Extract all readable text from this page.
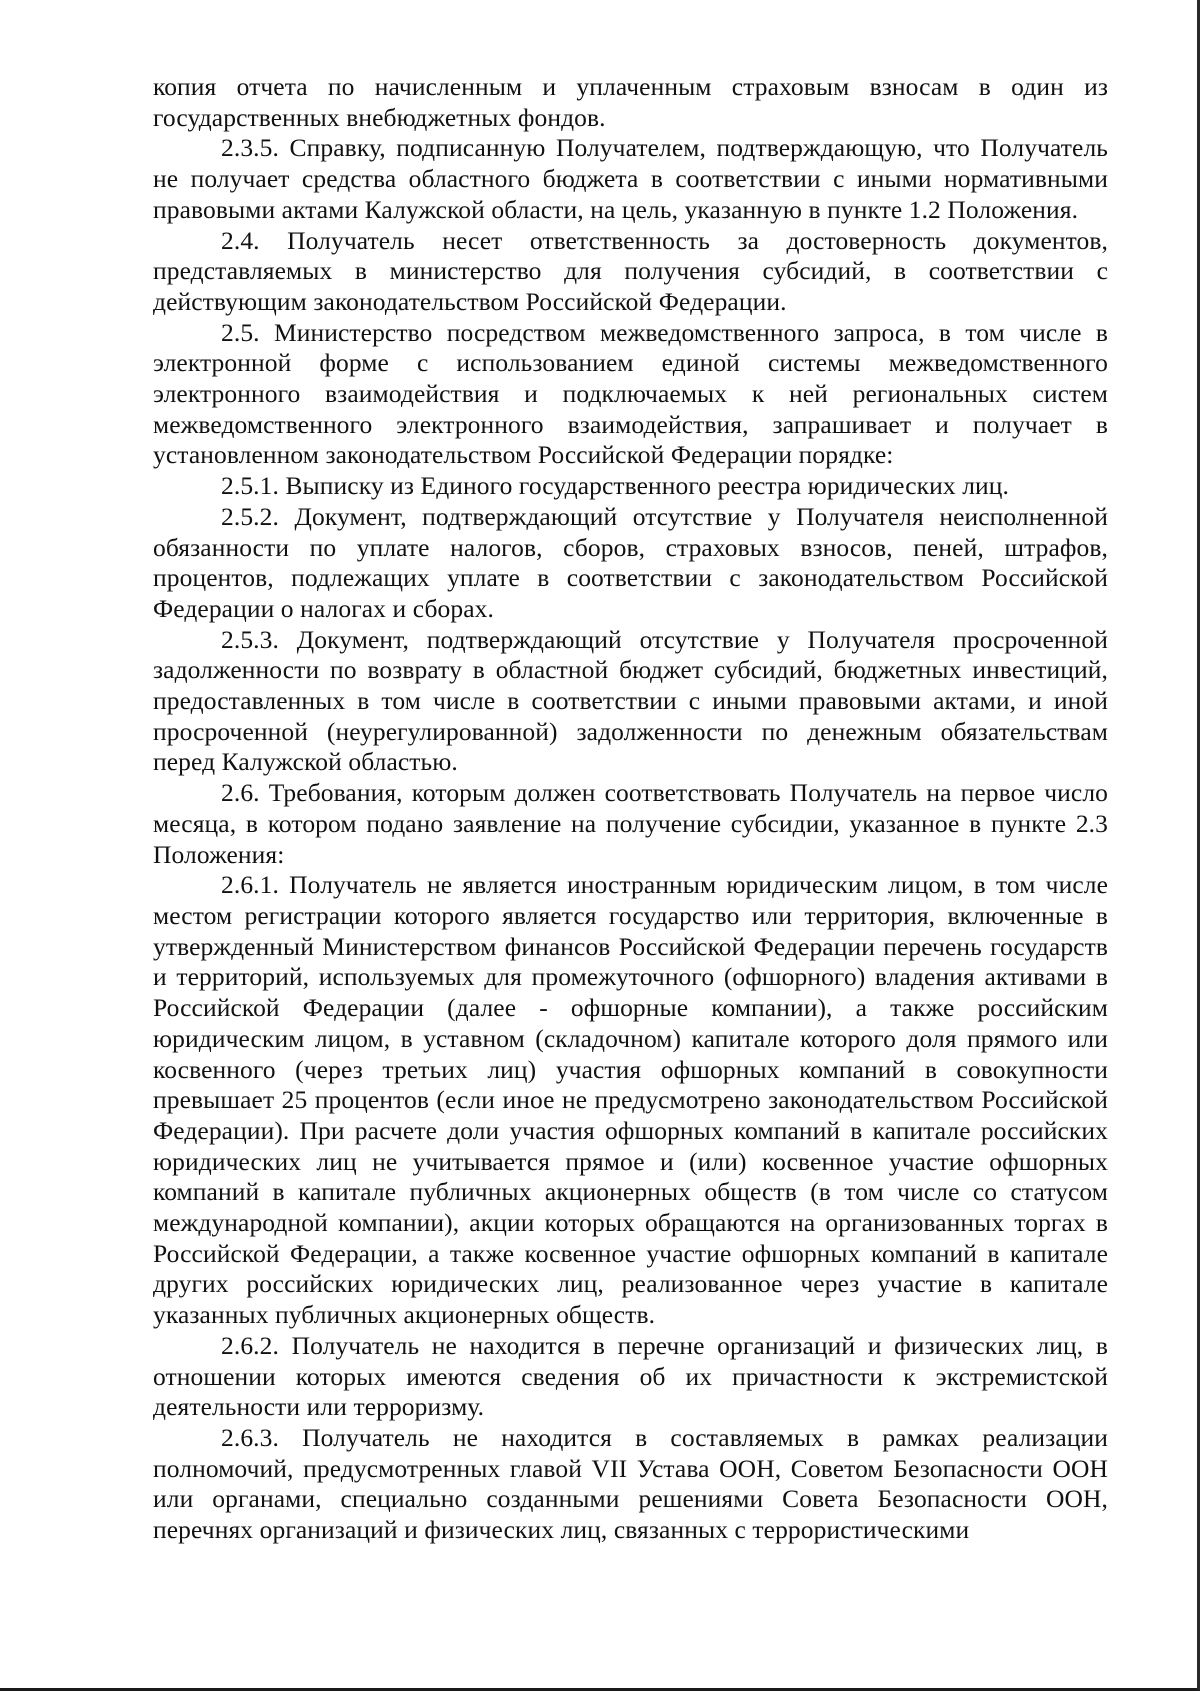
копия отчета по начисленным и уплаченным страховым взносам в один из государственных внебюджетных фондов.

2.3.5. Справку, подписанную Получателем, подтверждающую, что Получатель не получает средства областного бюджета в соответствии с иными нормативными правовыми актами Калужской области, на цель, указанную в пункте 1.2 Положения.

2.4. Получатель несет ответственность за достоверность документов, представляемых в министерство для получения субсидий, в соответствии с действующим законодательством Российской Федерации.

2.5. Министерство посредством межведомственного запроса, в том числе в электронной форме с использованием единой системы межведомственного электронного взаимодействия и подключаемых к ней региональных систем межведомственного электронного взаимодействия, запрашивает и получает в установленном законодательством Российской Федерации порядке:

2.5.1. Выписку из Единого государственного реестра юридических лиц.

2.5.2. Документ, подтверждающий отсутствие у Получателя неисполненной обязанности по уплате налогов, сборов, страховых взносов, пеней, штрафов, процентов, подлежащих уплате в соответствии с законодательством Российской Федерации о налогах и сборах.

2.5.3. Документ, подтверждающий отсутствие у Получателя просроченной задолженности по возврату в областной бюджет субсидий, бюджетных инвестиций, предоставленных в том числе в соответствии с иными правовыми актами, и иной просроченной (неурегулированной) задолженности по денежным обязательствам перед Калужской областью.

2.6. Требования, которым должен соответствовать Получатель на первое число месяца, в котором подано заявление на получение субсидии, указанное в пункте 2.3 Положения:

2.6.1. Получатель не является иностранным юридическим лицом, в том числе местом регистрации которого является государство или территория, включенные в утвержденный Министерством финансов Российской Федерации перечень государств и территорий, используемых для промежуточного (офшорного) владения активами в Российской Федерации (далее - офшорные компании), а также российским юридическим лицом, в уставном (складочном) капитале которого доля прямого или косвенного (через третьих лиц) участия офшорных компаний в совокупности превышает 25 процентов (если иное не предусмотрено законодательством Российской Федерации). При расчете доли участия офшорных компаний в капитале российских юридических лиц не учитывается прямое и (или) косвенное участие офшорных компаний в капитале публичных акционерных обществ (в том числе со статусом международной компании), акции которых обращаются на организованных торгах в Российской Федерации, а также косвенное участие офшорных компаний в капитале других российских юридических лиц, реализованное через участие в капитале указанных публичных акционерных обществ.

2.6.2. Получатель не находится в перечне организаций и физических лиц, в отношении которых имеются сведения об их причастности к экстремистской деятельности или терроризму.

2.6.3. Получатель не находится в составляемых в рамках реализации полномочий, предусмотренных главой VII Устава ООН, Советом Безопасности ООН или органами, специально созданными решениями Совета Безопасности ООН, перечнях организаций и физических лиц, связанных с террористическими
